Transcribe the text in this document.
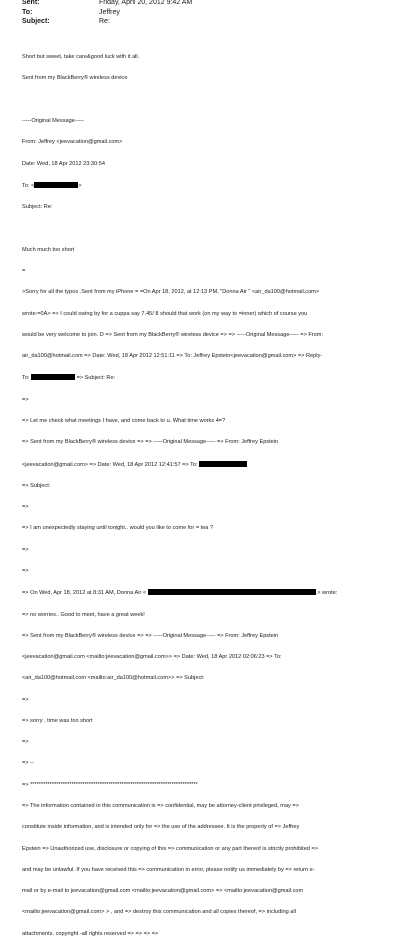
Sent:	Friday, April 20, 2012 9:42 AM
To:	Jeffrey
Subject:	Re:

Short but sweet, take care&good luck with it all.

Sent from my BlackBerry® wireless device

-----Original Message-----

From: Jeffrey <jeevacation@gmail.com>

Date: Wed, 18 Apr 2012 23:30:54

To: <	>

Subject: Re:

Much much too short

=

>Sorry for all the typos .Sent from my iPhone = =On Apr 18, 2012, at 12:13 PM, "Donna Air " <air_da100@hotmail.com>

wrote:=0A> => I could swing by for a cuppa say 7.45/ 8 should that work (on my way to =inner) which of course you

would be very welcome to join. D => Sent from my BlackBerry® wireless device => => -----Original Message----- => From:

air_da100@hotmail.com => Date: Wed, 18 Apr 2012 12:51:11 => To: Jeffrey Epstein<jeevacation@gmail.com> => Reply-

To:	=> Subject: Re:

=>

=> Let me check what meetings I have, and come back to u. What time works 4=?

=> Sent from my BlackBerry® wireless device => => -----Original Message----- => From: Jeffrey Epstein

<jeevacation@gmail.com> => Date: Wed, 18 Apr 2012 12:41:57 => To:

=> Subject:

=>

=> I am unexpectedly staying until tonight.. would you like to come for = tea ?

=>

=>

=> On Wed, Apr 18, 2012 at 8:31 AM, Donna Air <	> wrote:

=> no worries.. Good to meet, have a great week!

=> Sent from my BlackBerry® wireless device => => -----Original Message----- => From: Jeffrey Epstein

<jeevacation@gmail.com <mailto:jeevacation@gmail.com>> => Date: Wed, 18 Apr 2012 02:06:23 => To:

<air_da100@hotmail.com <mailto:air_da100@hotmail.com>> => Subject:

=>

=> sorry , time was too short

=>

=> --

=> *****************************************************************************

=> The information contained in this communication is => confidential, may be attorney-client privileged, may =>

constitute inside information, and is intended only for => the use of the addressee. It is the property of => Jeffrey

Epstein => Unauthorized use, disclosure or copying of this => communication or any part thereof is strictly prohibited =>

and may be unlawful. If you have received this => communication in error, please notify us immediately by => return e-

mail or by e-mail to jeevacation@gmail.com <mailto:jeevacation@gmail.com> => <mailto:jeevacation@gmail.com

<mailto:jeevacation@gmail.com> > , and => destroy this communication and all copies thereof, => including all

attachments. copyright -all rights reserved => => => =>
